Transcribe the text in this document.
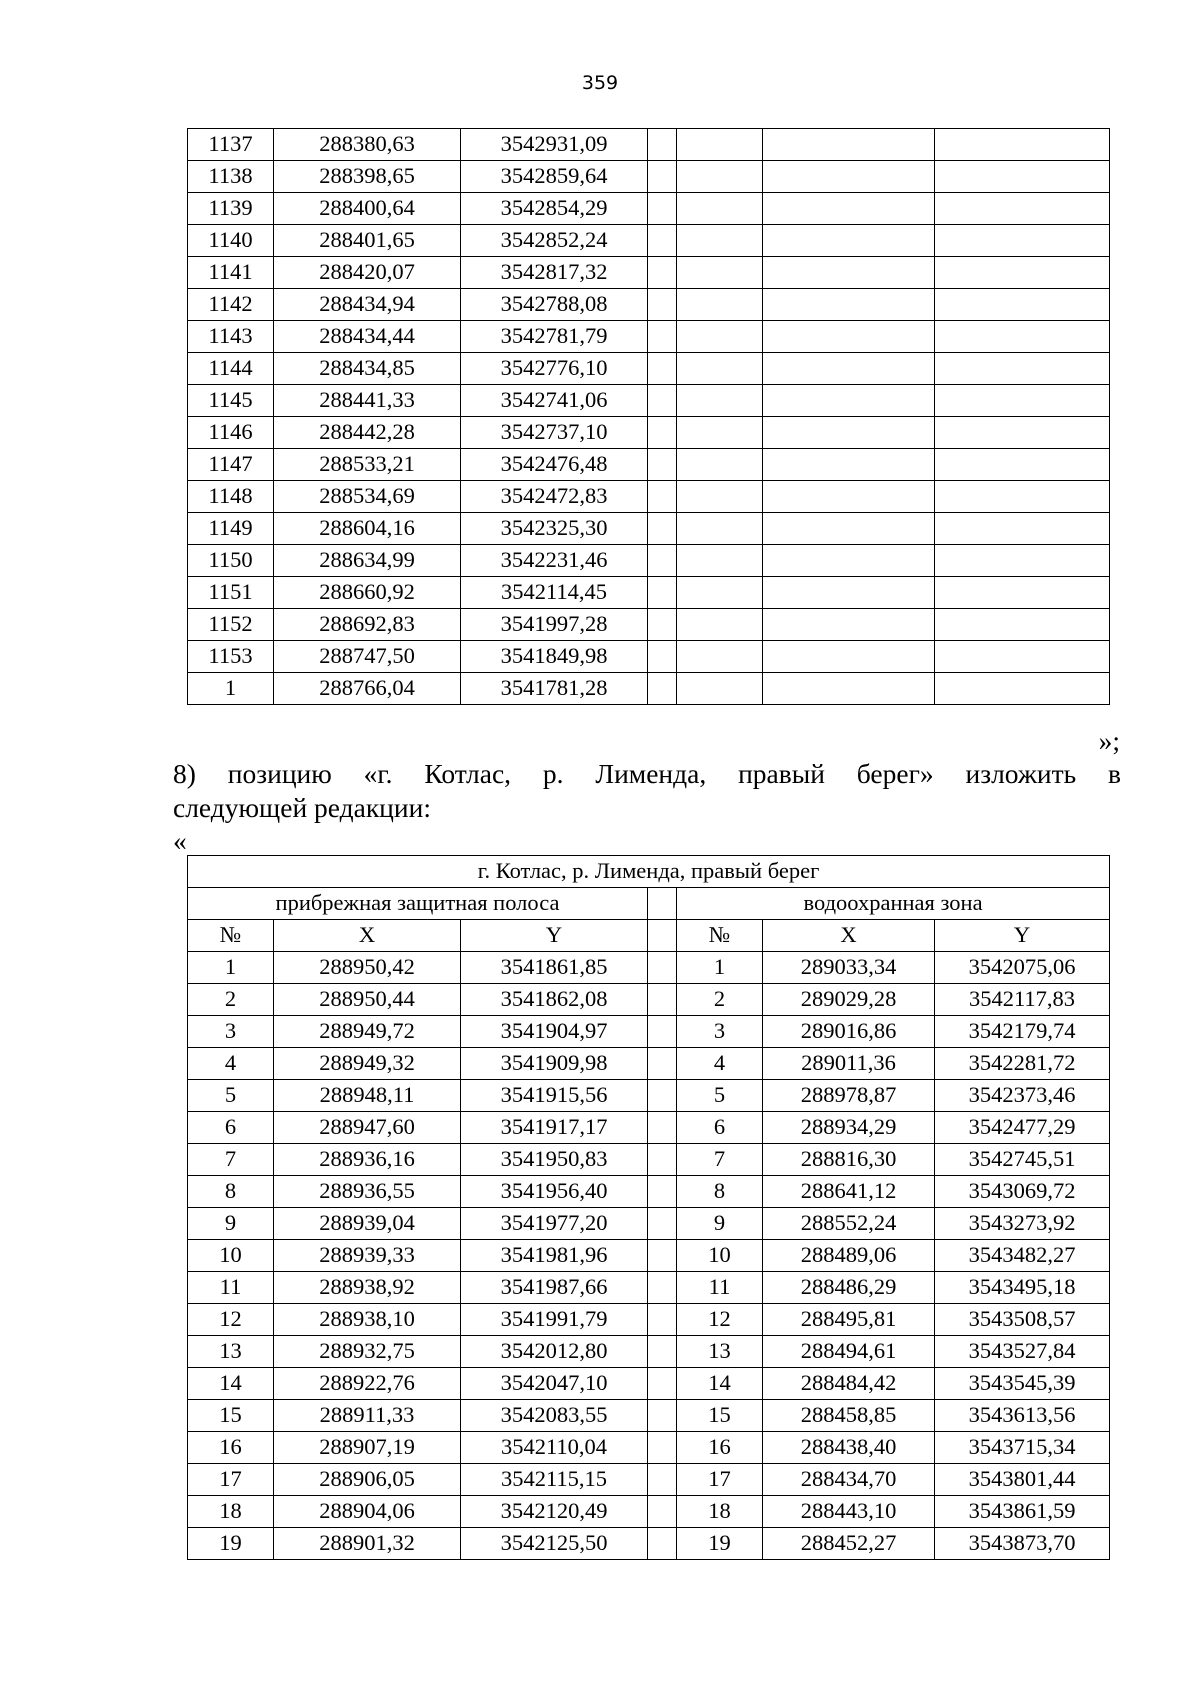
359
1137	288380,63	3542931,09				
1138	288398,65	3542859,64				
1139	288400,64	3542854,29				
1140	288401,65	3542852,24				
1141	288420,07	3542817,32				
1142	288434,94	3542788,08				
1143	288434,44	3542781,79				
1144	288434,85	3542776,10				
1145	288441,33	3542741,06				
1146	288442,28	3542737,10				
1147	288533,21	3542476,48				
1148	288534,69	3542472,83				
1149	288604,16	3542325,30				
1150	288634,99	3542231,46				
1151	288660,92	3542114,45				
1152	288692,83	3541997,28				
1153	288747,50	3541849,98				
1	288766,04	3541781,28				
»;
8) позицию «г. Котлас, р. Лименда, правый берег» изложить в
следующей редакции:
«
г. Котлас, р. Лименда, правый берег						
прибрежная защитная полоса				водоохранная зона		
№	X	Y		№	X	Y
1	288950,42	3541861,85		1	289033,34	3542075,06
2	288950,44	3541862,08		2	289029,28	3542117,83
3	288949,72	3541904,97		3	289016,86	3542179,74
4	288949,32	3541909,98		4	289011,36	3542281,72
5	288948,11	3541915,56		5	288978,87	3542373,46
6	288947,60	3541917,17		6	288934,29	3542477,29
7	288936,16	3541950,83		7	288816,30	3542745,51
8	288936,55	3541956,40		8	288641,12	3543069,72
9	288939,04	3541977,20		9	288552,24	3543273,92
10	288939,33	3541981,96		10	288489,06	3543482,27
11	288938,92	3541987,66		11	288486,29	3543495,18
12	288938,10	3541991,79		12	288495,81	3543508,57
13	288932,75	3542012,80		13	288494,61	3543527,84
14	288922,76	3542047,10		14	288484,42	3543545,39
15	288911,33	3542083,55		15	288458,85	3543613,56
16	288907,19	3542110,04		16	288438,40	3543715,34
17	288906,05	3542115,15		17	288434,70	3543801,44
18	288904,06	3542120,49		18	288443,10	3543861,59
19	288901,32	3542125,50		19	288452,27	3543873,70
